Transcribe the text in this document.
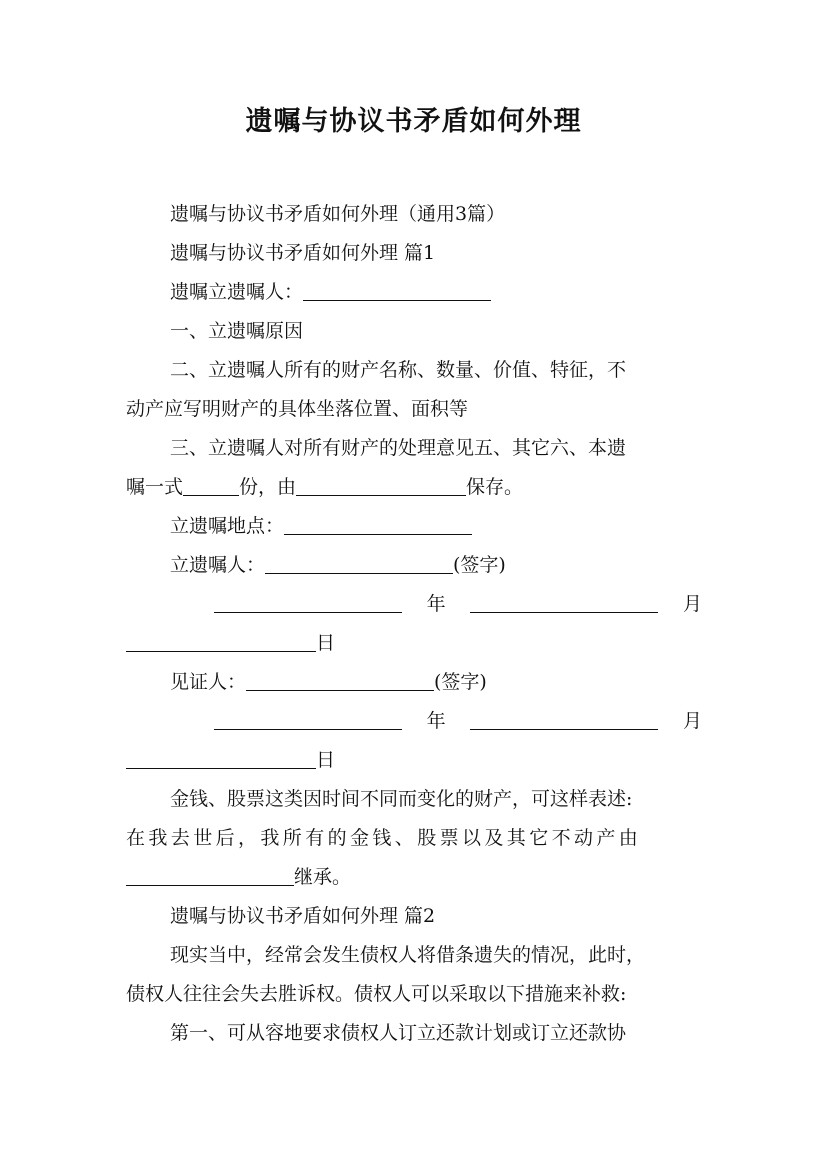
遗嘱与协议书矛盾如何外理
遗嘱与协议书矛盾如何外理（通用3篇）
遗嘱与协议书矛盾如何外理 篇1
遗嘱立遗嘱人：
一、立遗嘱原因
二、立遗嘱人所有的财产名称、数量、价值、特征，不
动产应写明财产的具体坐落位置、面积等
三、立遗嘱人对所有财产的处理意见五、其它六、本遗
嘱一式	份，由	保存。
立遗嘱地点：
立遗嘱人：	(签字)
年	月
日
见证人：	(签字)
年	月
日
金钱、股票这类因时间不同而变化的财产，可这样表述:
在我去世后，我所有的金钱、股票以及其它不动产由
继承。
遗嘱与协议书矛盾如何外理 篇2
现实当中，经常会发生债权人将借条遗失的情况，此时，
债权人往往会失去胜诉权。债权人可以采取以下措施来补救:
第一、可从容地要求债权人订立还款计划或订立还款协
